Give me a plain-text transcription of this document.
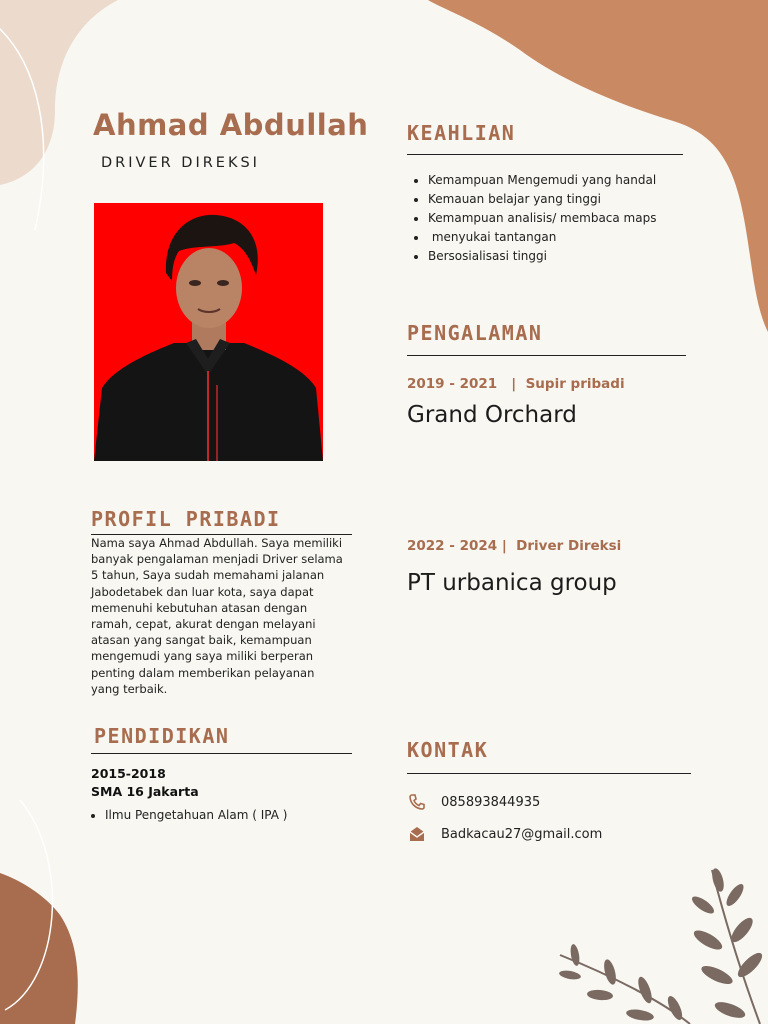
Ahmad Abdullah
DRIVER DIREKSI
KEAHLIAN
• Kemampuan Mengemudi yang handal
• Kemauan belajar yang tinggi
• Kemampuan analisis/ membaca maps
•  menyukai tantangan
• Bersosialisasi tinggi
PENGALAMAN
2019 - 2021   |  Supir pribadi
Grand Orchard
2022 - 2024 |  Driver Direksi
PT urbanica group
PROFIL PRIBADI
Nama saya Ahmad Abdullah. Saya memiliki banyak pengalaman menjadi Driver selama 5 tahun, Saya sudah memahami jalanan Jabodetabek dan luar kota, saya dapat memenuhi kebutuhan atasan dengan ramah, cepat, akurat dengan melayani atasan yang sangat baik, kemampuan mengemudi yang saya miliki berperan penting dalam memberikan pelayanan yang terbaik.
PENDIDIKAN
2015-2018
SMA 16 Jakarta
• Ilmu Pengetahuan Alam ( IPA )
KONTAK
085893844935
Badkacau27@gmail.com
